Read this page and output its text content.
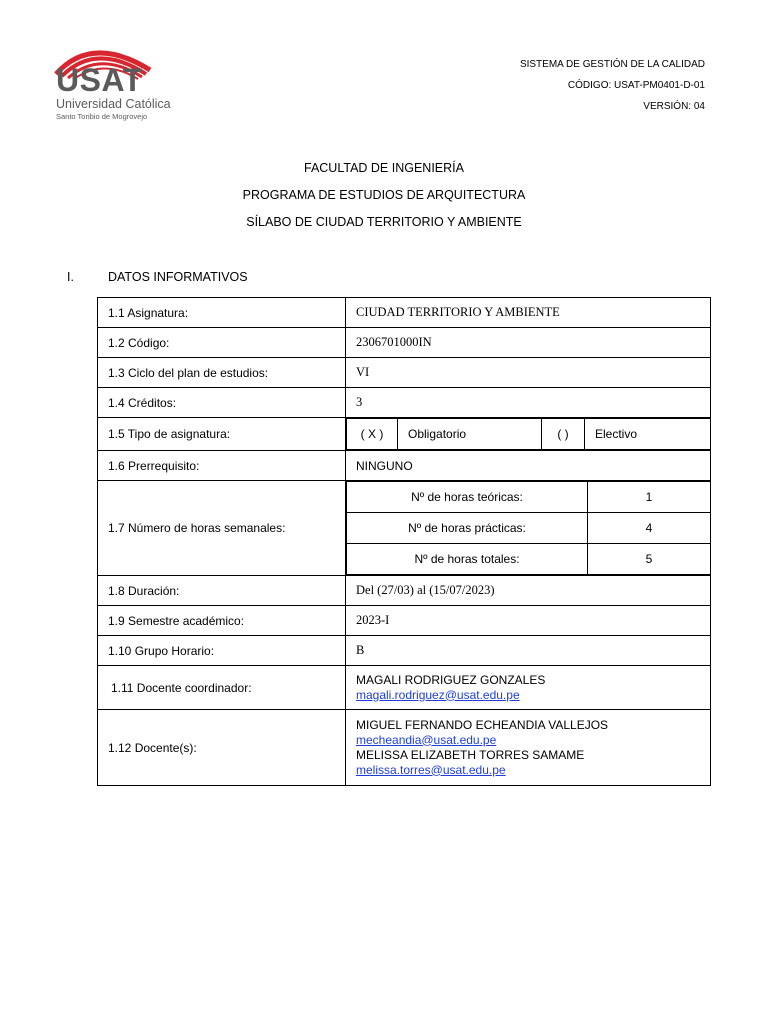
USAT
Universidad Católica
Santo Toribio de Mogrovejo
SISTEMA DE GESTIÓN DE LA CALIDAD
CÓDIGO: USAT-PM0401-D-01
VERSIÓN: 04
FACULTAD DE INGENIERÍA
PROGRAMA DE ESTUDIOS DE ARQUITECTURA
SÍLABO DE CIUDAD TERRITORIO Y AMBIENTE
I.	DATOS INFORMATIVOS
1.1 Asignatura:	CIUDAD TERRITORIO Y AMBIENTE
1.2 Código:	2306701000IN
1.3 Ciclo del plan de estudios:	VI
1.4 Créditos:	3
1.5 Tipo de asignatura:		( X )	Obligatorio	( )	Electivo

1.6 Prerrequisito:	NINGUNO
1.7 Número de horas semanales:	
Nº de horas teóricas:	1
Nº de horas prácticas:	4
Nº de horas totales:	5

1.8 Duración:	Del (27/03) al (15/07/2023)
1.9 Semestre académico:	2023-I
1.10 Grupo Horario:	B
1.11 Docente coordinador:	
MAGALI RODRIGUEZ GONZALES
magali.rodriguez@usat.edu.pe

1.12 Docente(s):	
MIGUEL FERNANDO ECHEANDIA VALLEJOS
mecheandia@usat.edu.pe
MELISSA ELIZABETH TORRES SAMAME
melissa.torres@usat.edu.pe
